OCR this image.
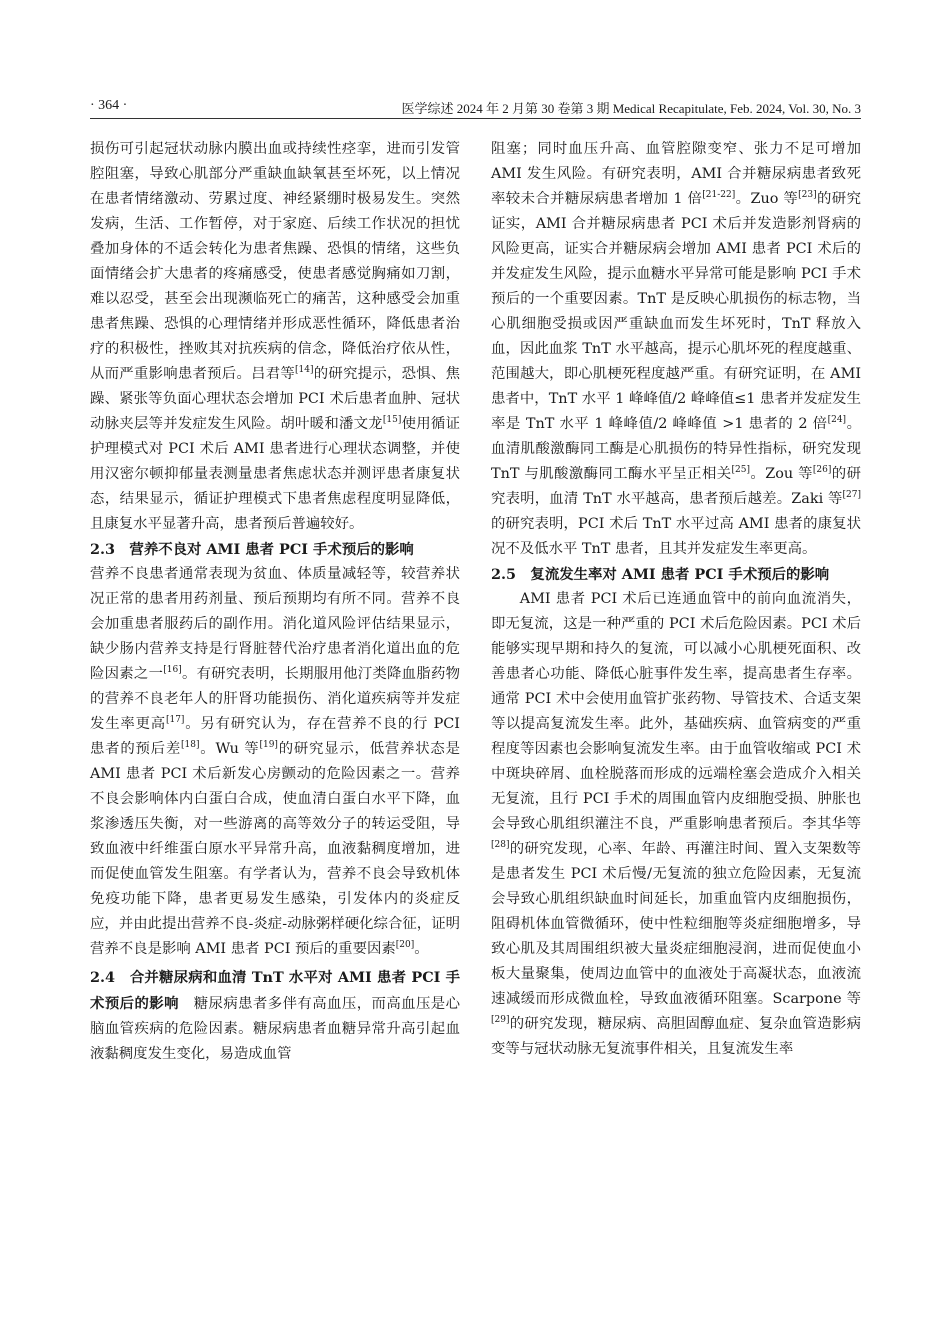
· 364 ·	医学综述 2024 年 2 月第 30 卷第 3 期 Medical Recapitulate, Feb. 2024, Vol. 30, No. 3

损伤可引起冠状动脉内膜出血或持续性痉挛，进而引发管腔阻塞，导致心肌部分严重缺血缺氧甚至坏死，以上情况在患者情绪激动、劳累过度、神经紧绷时极易发生。突然发病，生活、工作暂停，对于家庭、后续工作状况的担忧叠加身体的不适会转化为患者焦躁、恐惧的情绪，这些负面情绪会扩大患者的疼痛感受，使患者感觉胸痛如刀割，难以忍受，甚至会出现濒临死亡的痛苦，这种感受会加重患者焦躁、恐惧的心理情绪并形成恶性循环，降低患者治疗的积极性，挫败其对抗疾病的信念，降低治疗依从性，从而严重影响患者预后。吕君等[14]的研究提示，恐惧、焦躁、紧张等负面心理状态会增加 PCI 术后患者血肿、冠状动脉夹层等并发症发生风险。胡叶暖和潘文龙[15]使用循证护理模式对 PCI 术后 AMI 患者进行心理状态调整，并使用汉密尔顿抑郁量表测量患者焦虑状态并测评患者康复状态，结果显示，循证护理模式下患者焦虑程度明显降低，且康复水平显著升高，患者预后普遍较好。

2.3　营养不良对 AMI 患者 PCI 手术预后的影响

营养不良患者通常表现为贫血、体质量减轻等，较营养状况正常的患者用药剂量、预后预期均有所不同。营养不良会加重患者服药后的副作用。消化道风险评估结果显示，缺少肠内营养支持是行肾脏替代治疗患者消化道出血的危险因素之一[16]。有研究表明，长期服用他汀类降血脂药物的营养不良老年人的肝肾功能损伤、消化道疾病等并发症发生率更高[17]。另有研究认为，存在营养不良的行 PCI 患者的预后差[18]。Wu 等[19]的研究显示，低营养状态是 AMI 患者 PCI 术后新发心房颤动的危险因素之一。营养不良会影响体内白蛋白合成，使血清白蛋白水平下降，血浆渗透压失衡，对一些游离的高等效分子的转运受阻，导致血液中纤维蛋白原水平异常升高，血液黏稠度增加，进而促使血管发生阻塞。有学者认为，营养不良会导致机体免疫功能下降，患者更易发生感染，引发体内的炎症反应，并由此提出营养不良-炎症-动脉粥样硬化综合征，证明营养不良是影响 AMI 患者 PCI 预后的重要因素[20]。

2.4　合并糖尿病和血清 TnT 水平对 AMI 患者 PCI 手术预后的影响　糖尿病患者多伴有高血压，而高血压是心脑血管疾病的危险因素。糖尿病患者血糖异常升高引起血液黏稠度发生变化，易造成血管

阻塞；同时血压升高、血管腔隙变窄、张力不足可增加 AMI 发生风险。有研究表明，AMI 合并糖尿病患者致死率较未合并糖尿病患者增加 1 倍[21-22]。Zuo 等[23]的研究证实，AMI 合并糖尿病患者 PCI 术后并发造影剂肾病的风险更高，证实合并糖尿病会增加 AMI 患者 PCI 术后的并发症发生风险，提示血糖水平异常可能是影响 PCI 手术预后的一个重要因素。TnT 是反映心肌损伤的标志物，当心肌细胞受损或因严重缺血而发生坏死时，TnT 释放入血，因此血浆 TnT 水平越高，提示心肌坏死的程度越重、范围越大，即心肌梗死程度越严重。有研究证明，在 AMI 患者中，TnT 水平 1 峰峰值/2 峰峰值≤1 患者并发症发生率是 TnT 水平 1 峰峰值/2 峰峰值 >1 患者的 2 倍[24]。血清肌酸激酶同工酶是心肌损伤的特异性指标，研究发现 TnT 与肌酸激酶同工酶水平呈正相关[25]。Zou 等[26]的研究表明，血清 TnT 水平越高，患者预后越差。Zaki 等[27]的研究表明，PCI 术后 TnT 水平过高 AMI 患者的康复状况不及低水平 TnT 患者，且其并发症发生率更高。

2.5　复流发生率对 AMI 患者 PCI 手术预后的影响

AMI 患者 PCI 术后已连通血管中的前向血流消失，即无复流，这是一种严重的 PCI 术后危险因素。PCI 术后能够实现早期和持久的复流，可以减小心肌梗死面积、改善患者心功能、降低心脏事件发生率，提高患者生存率。通常 PCI 术中会使用血管扩张药物、导管技术、合适支架等以提高复流发生率。此外，基础疾病、血管病变的严重程度等因素也会影响复流发生率。由于血管收缩或 PCI 术中斑块碎屑、血栓脱落而形成的远端栓塞会造成介入相关无复流，且行 PCI 手术的周围血管内皮细胞受损、肿胀也会导致心肌组织灌注不良，严重影响患者预后。李其华等[28]的研究发现，心率、年龄、再灌注时间、置入支架数等是患者发生 PCI 术后慢/无复流的独立危险因素，无复流会导致心肌组织缺血时间延长，加重血管内皮细胞损伤，阻碍机体血管微循环，使中性粒细胞等炎症细胞增多，导致心肌及其周围组织被大量炎症细胞浸润，进而促使血小板大量聚集，使周边血管中的血液处于高凝状态，血液流速减缓而形成微血栓，导致血液循环阻塞。Scarpone 等[29]的研究发现，糖尿病、高胆固醇血症、复杂血管造影病变等与冠状动脉无复流事件相关，且复流发生率
